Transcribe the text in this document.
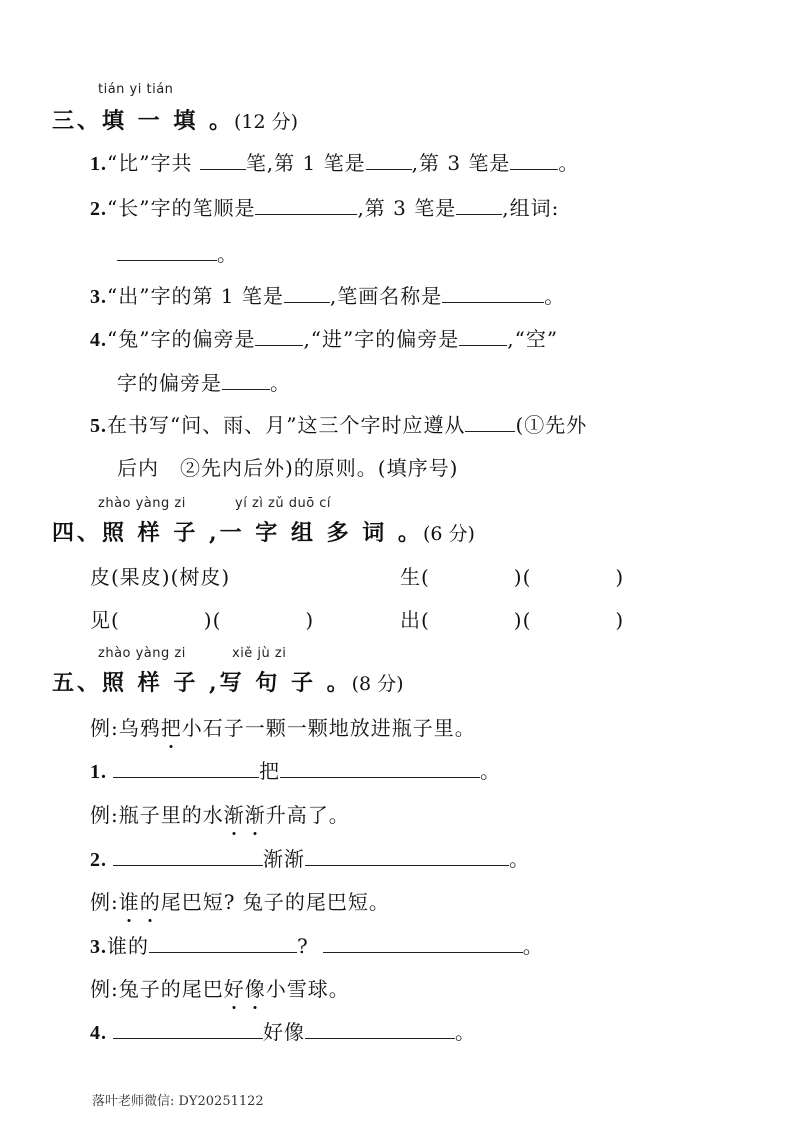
tián yi tián
三、填 一 填 。(12 分)
1.“比”字共	笔,第 1 笔是 ,第 3 笔是 。
2.“长”字的笔顺是	,第 3 笔是 ,组词:
。
3.“出”字的第 1 笔是 ,笔画名称是	。
4.“兔”字的偏旁是 ,“进”字的偏旁是 ,“空”
字的偏旁是 。
5.在书写“问、雨、月”这三个字时应遵从	(①先外
后内　②先内后外)的原则。(填序号)
zhào yàng zi	yí zì zǔ duō cí
四、照 样 子 ,一 字 组 多 词 。(6 分)
皮(果皮)(树皮)	生(　　　　)(　　　　)
见(　　　　)(　　　　)	出(　　　　)(　　　　)
zhào yàng zi	xiě jù zi
五、照 样 子 ,写 句 子 。(8 分)
例:乌鸦把小石子一颗一颗地放进瓶子里。
1.	把	。
例:瓶子里的水渐渐升高了。
2.	渐渐	。
例:谁的尾巴短? 兔子的尾巴短。
3.谁的	?	。
例:兔子的尾巴好像小雪球。
4.	好像	。
落叶老师微信: DY20251122
